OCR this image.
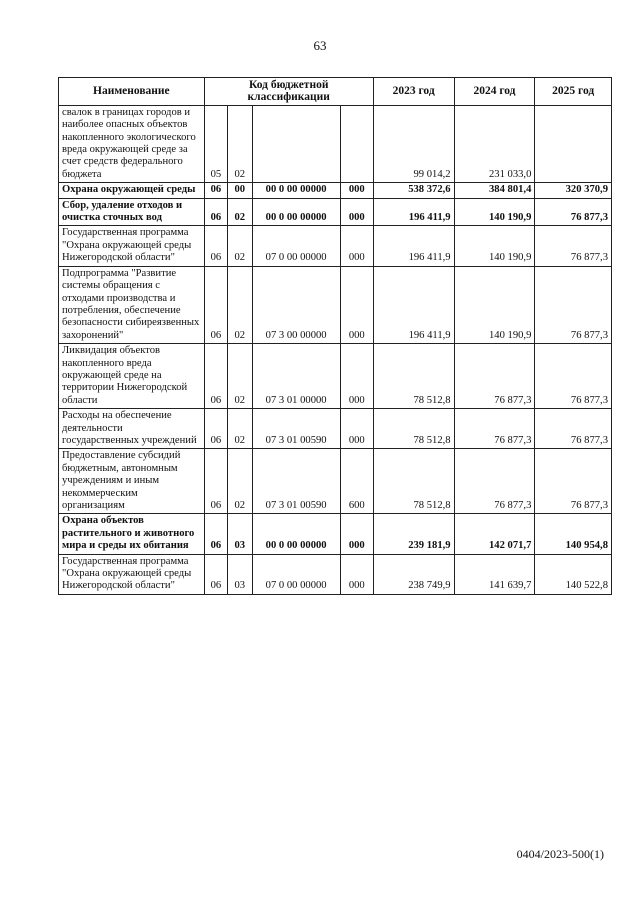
63
Наименование	Код бюджетной классификации				2023 год	2024 год	2025 год
свалок в границах городов и наиболее опасных объектов накопленного экологического вреда окружающей среде за счет средств федерального бюджета	05	02			99 014,2	231 033,0	
Охрана окружающей среды	06	00	00 0 00 00000	000	538 372,6	384 801,4	320 370,9
Сбор, удаление отходов и очистка сточных вод	06	02	00 0 00 00000	000	196 411,9	140 190,9	76 877,3
Государственная программа "Охрана окружающей среды Нижегородской области"	06	02	07 0 00 00000	000	196 411,9	140 190,9	76 877,3
Подпрограмма "Развитие системы обращения с отходами производства и потребления, обеспечение безопасности сибиреязвенных захоронений"	06	02	07 3 00 00000	000	196 411,9	140 190,9	76 877,3
Ликвидация объектов накопленного вреда окружающей среде на территории Нижегородской области	06	02	07 3 01 00000	000	78 512,8	76 877,3	76 877,3
Расходы на обеспечение деятельности государственных учреждений	06	02	07 3 01 00590	000	78 512,8	76 877,3	76 877,3
Предоставление субсидий бюджетным, автономным учреждениям и иным некоммерческим организациям	06	02	07 3 01 00590	600	78 512,8	76 877,3	76 877,3
Охрана объектов растительного и животного мира и среды их обитания	06	03	00 0 00 00000	000	239 181,9	142 071,7	140 954,8
Государственная программа "Охрана окружающей среды Нижегородской области"	06	03	07 0 00 00000	000	238 749,9	141 639,7	140 522,8
0404/2023-500(1)
